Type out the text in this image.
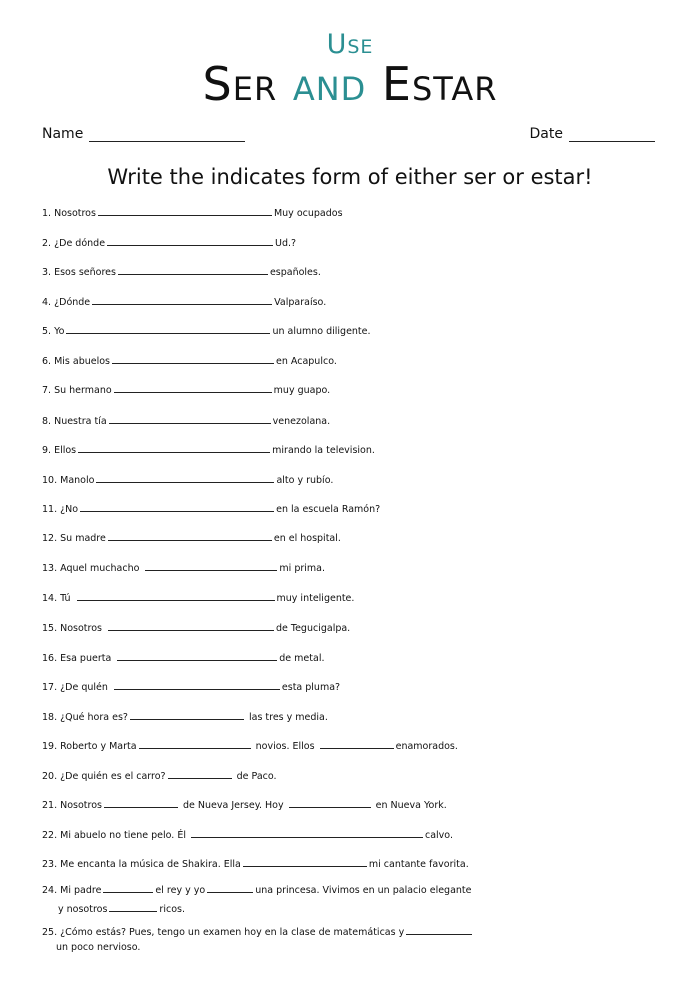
Use
Ser and Estar
Name	Date
Write the indicates form of either ser or estar!
1. Nosotros	Muy ocupados
2. ¿De dónde	Ud.?
3. Esos señores	españoles.
4. ¿Dónde	Valparaíso.
5. Yo	un alumno diligente.
6. Mis abuelos	en Acapulco.
7. Su hermano	muy guapo.
8. Nuestra tía	venezolana.
9. Ellos	mirando la television.
10. Manolo	alto y rubío.
11. ¿No	en la escuela Ramón?
12. Su madre	en el hospital.
13. Aquel muchacho	mi prima.
14. Tú	muy inteligente.
15. Nosotros	de Tegucigalpa.
16. Esa puerta	de metal.
17. ¿De qulén	esta pluma?
18. ¿Qué hora es?	las tres y media.
19. Roberto y Marta	novios. Ellos	enamorados.
20. ¿De quién es el carro?	de Paco.
21. Nosotros	de Nueva Jersey. Hoy	en Nueva York.
22. Mi abuelo no tiene pelo. Él	calvo.
23. Me encanta la música de Shakira. Ella	mi cantante favorita.
24. Mi padre	el rey y yo	una princesa. Vivimos en un palacio elegante
y nosotros	ricos.
25. ¿Cómo estás? Pues, tengo un examen hoy en la clase de matemáticas y
un poco nervioso.
